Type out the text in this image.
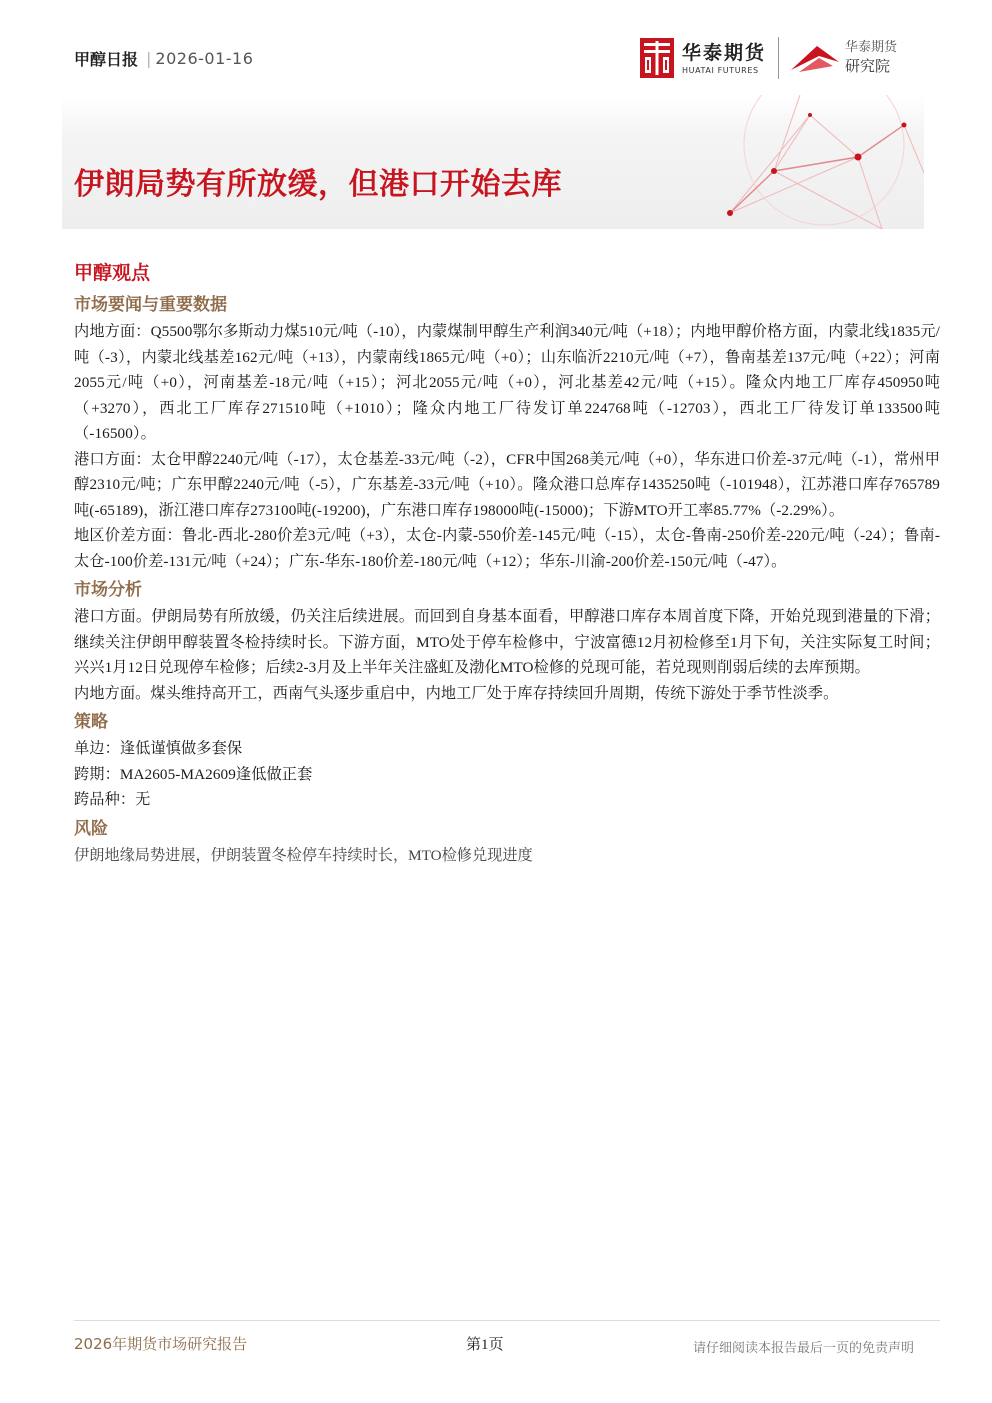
甲醇日报 | 2026-01-16	华泰期货
HUATAI FUTURES
华泰期货
研究院
伊朗局势有所放缓，但港口开始去库
甲醇观点
市场要闻与重要数据

内地方面：Q5500鄂尔多斯动力煤510元/吨（-10），内蒙煤制甲醇生产利润340元/吨（+18）；内地甲醇价格方面，内蒙北线1835元/吨（-3），内蒙北线基差162元/吨（+13），内蒙南线1865元/吨（+0）；山东临沂2210元/吨（+7），鲁南基差137元/吨（+22）；河南2055元/吨（+0），河南基差-18元/吨（+15）；河北2055元/吨（+0），河北基差42元/吨（+15）。隆众内地工厂库存450950吨（+3270），西北工厂库存271510吨（+1010）；隆众内地工厂待发订单224768吨（-12703），西北工厂待发订单133500吨（-16500）。

港口方面：太仓甲醇2240元/吨（-17），太仓基差-33元/吨（-2），CFR中国268美元/吨（+0），华东进口价差-37元/吨（-1），常州甲醇2310元/吨；广东甲醇2240元/吨（-5），广东基差-33元/吨（+10）。隆众港口总库存1435250吨（-101948），江苏港口库存765789吨(-65189)，浙江港口库存273100吨(-19200)，广东港口库存198000吨(-15000)；下游MTO开工率85.77%（-2.29%）。

地区价差方面：鲁北-西北-280价差3元/吨（+3），太仓-内蒙-550价差-145元/吨（-15），太仓-鲁南-250价差-220元/吨（-24）；鲁南-太仓-100价差-131元/吨（+24）；广东-华东-180价差-180元/吨（+12）；华东-川渝-200价差-150元/吨（-47）。

市场分析

港口方面。伊朗局势有所放缓，仍关注后续进展。而回到自身基本面看，甲醇港口库存本周首度下降，开始兑现到港量的下滑；继续关注伊朗甲醇装置冬检持续时长。下游方面，MTO处于停车检修中，宁波富德12月初检修至1月下旬，关注实际复工时间；兴兴1月12日兑现停车检修；后续2-3月及上半年关注盛虹及渤化MTO检修的兑现可能，若兑现则削弱后续的去库预期。

内地方面。煤头维持高开工，西南气头逐步重启中，内地工厂处于库存持续回升周期，传统下游处于季节性淡季。

策略

单边：逢低谨慎做多套保

跨期：MA2605-MA2609逢低做正套

跨品种：无

风险

伊朗地缘局势进展，伊朗装置冬检停车持续时长，MTO检修兑现进度

2026年期货市场研究报告	第1页	请仔细阅读本报告最后一页的免责声明
